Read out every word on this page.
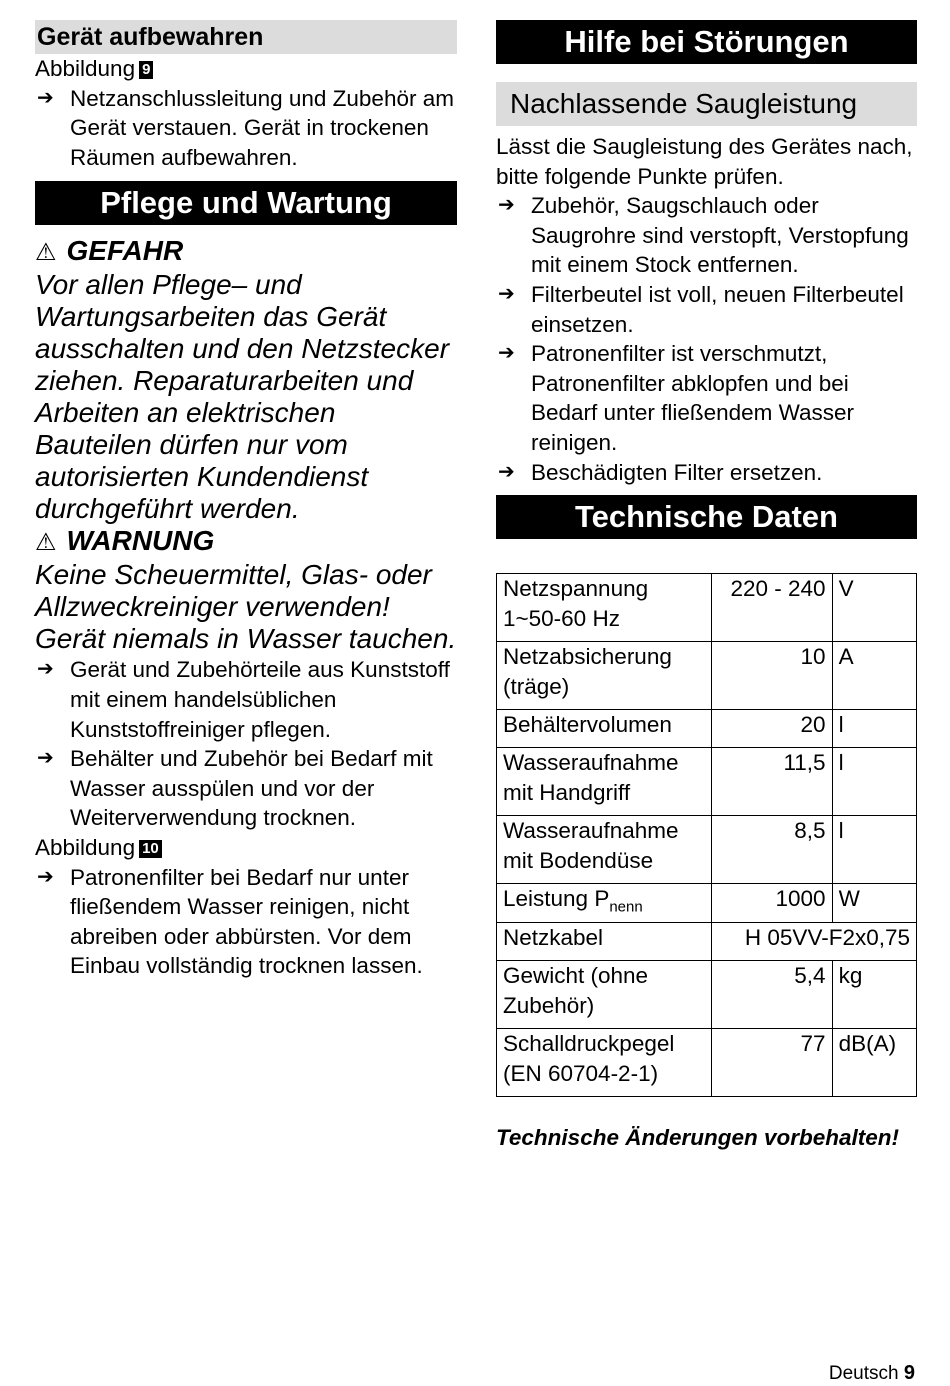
Gerät aufbewahren
Abbildung 9
➔ Netzanschlussleitung und Zubehör am Gerät verstauen. Gerät in trockenen Räumen aufbewahren.
Pflege und Wartung
⚠ GEFAHR
Vor allen Pflege– und Wartungsarbeiten das Gerät ausschalten und den Netzstecker ziehen. Reparaturarbeiten und Arbeiten an elektrischen Bauteilen dürfen nur vom autorisierten Kundendienst durchgeführt werden.
⚠ WARNUNG
Keine Scheuermittel, Glas- oder Allzweckreiniger verwenden! Gerät niemals in Wasser tauchen.
➔ Gerät und Zubehörteile aus Kunststoff mit einem handelsüblichen Kunststoffreiniger pflegen.
➔ Behälter und Zubehör bei Bedarf mit Wasser ausspülen und vor der Weiterverwendung trocknen.
Abbildung 10
➔ Patronenfilter bei Bedarf nur unter fließendem Wasser reinigen, nicht abreiben oder abbürsten. Vor dem Einbau vollständig trocknen lassen.
Hilfe bei Störungen
Nachlassende Saugleistung
Lässt die Saugleistung des Gerätes nach, bitte folgende Punkte prüfen.
➔ Zubehör, Saugschlauch oder Saugrohre sind verstopft, Verstopfung mit einem Stock entfernen.
➔ Filterbeutel ist voll, neuen Filterbeutel einsetzen.
➔ Patronenfilter ist verschmutzt, Patronenfilter abklopfen und bei Bedarf unter fließendem Wasser reinigen.
➔ Beschädigten Filter ersetzen.
Technische Daten
Netzspannung 1~50-60 Hz	220 - 240	V
Netzabsicherung (träge)	10	A
Behältervolumen	20	l
Wasseraufnahme mit Handgriff	11,5	l
Wasseraufnahme mit Bodendüse	8,5	l
Leistung $P_{nenn}$	1000	W
Netzkabel	H 05VV-F2x0,75	
Gewicht (ohne Zubehör)	5,4	kg
Schalldruckpegel (EN 60704-2-1)	77	dB(A)
Technische Änderungen vorbehalten!
Deutsch 9
